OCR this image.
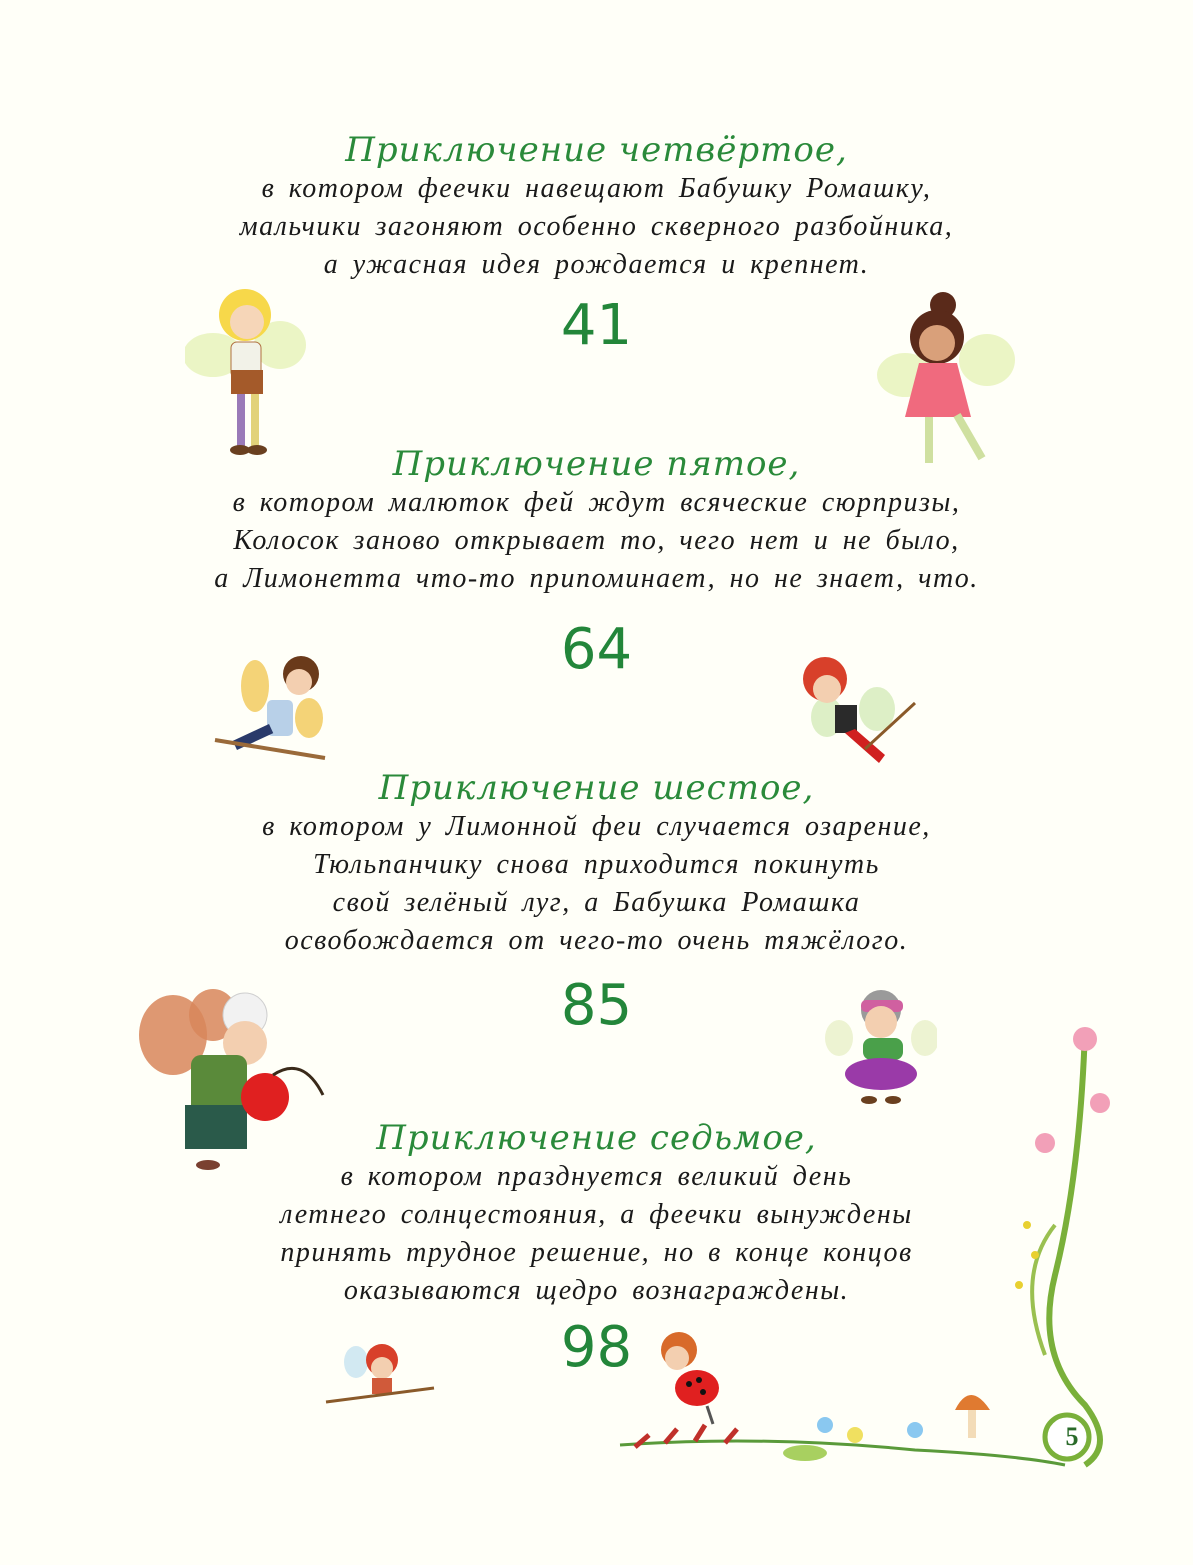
Приключение четвёртое,
в котором феечки навещают Бабушку Ромашку,
мальчики загоняют особенно скверного разбойника,
а ужасная идея рождается и крепнет.
41
Приключение пятое,
в котором малюток фей ждут всяческие сюрпризы,
Колосок заново открывает то, чего нет и не было,
а Лимонетта что-то припоминает, но не знает, что.
64
Приключение шестое,
в котором у Лимонной феи случается озарение,
Тюльпанчику снова приходится покинуть
свой зелёный луг, а Бабушка Ромашка
освобождается от чего-то очень тяжёлого.
85
Приключение седьмое,
в котором празднуется великий день
летнего солнцестояния, а феечки вынуждены
принять трудное решение, но в конце концов
оказываются щедро вознаграждены.
98
5
